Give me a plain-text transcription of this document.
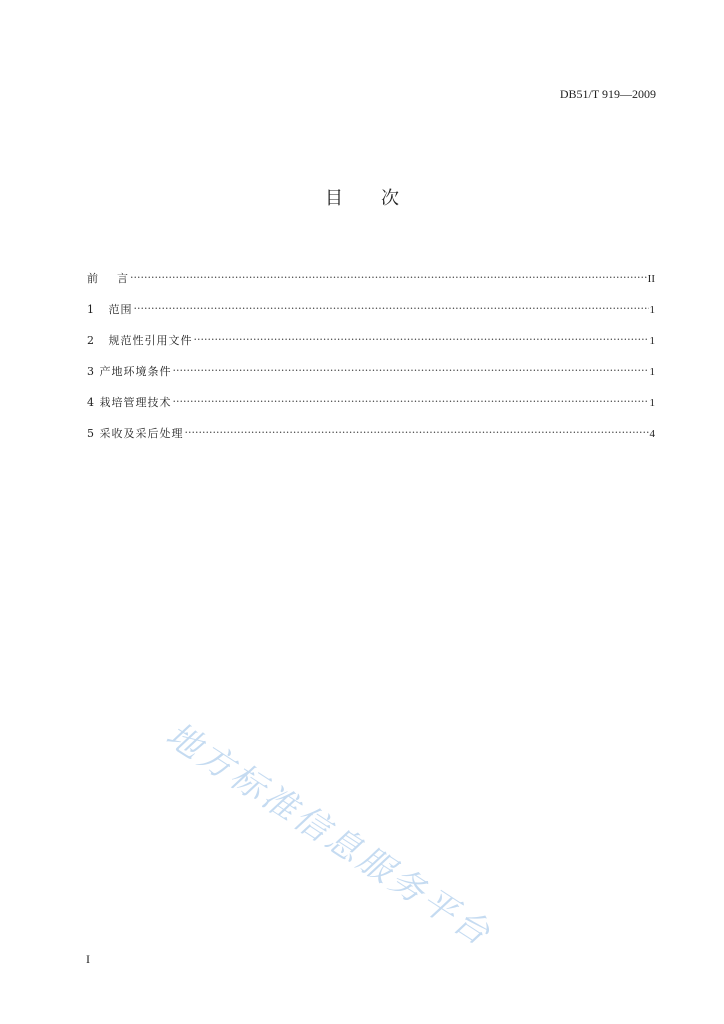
DB51/T 919—2009
目次
前    言 ·····	II
1   范围 ·····	1
2   规范性引用文件 ·····	1
3 产地环境条件 ·····	1
4 栽培管理技术 ·····	1
5 采收及采后处理 ·····	4
地方标准信息服务平台
I
